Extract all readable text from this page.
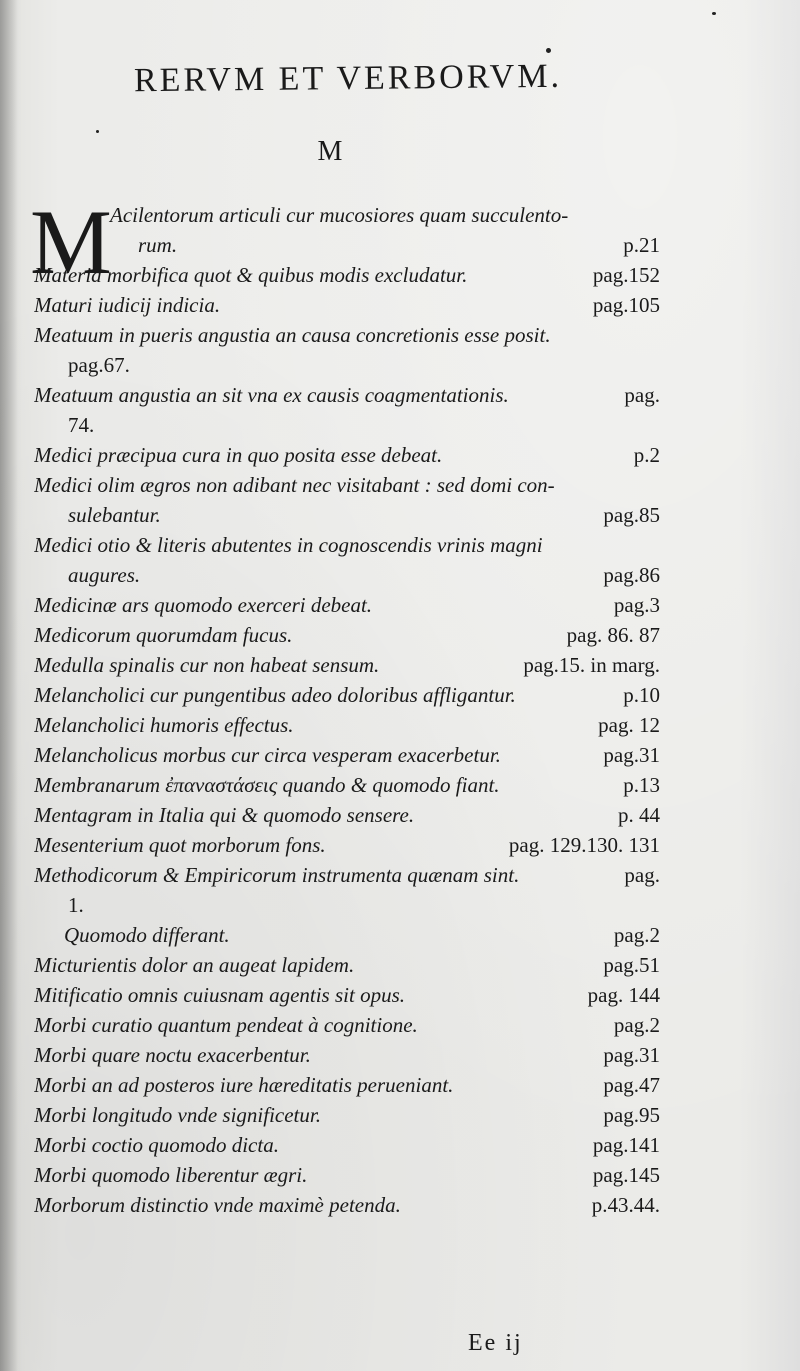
RERVM ET VERBORVM.
M
M
Acilentorum articuli cur mucosiores quam succulento-
rum.	p.21
Materia morbifica quot & quibus modis excludatur.	pag.152
Maturi iudicij indicia.	pag.105
Meatuum in pueris angustia an causa concretionis esse posit.
pag.67.
Meatuum angustia an sit vna ex causis coagmentationis.	pag.
74.
Medici præcipua cura in quo posita esse debeat.	p.2
Medici olim ægros non adibant nec visitabant : sed domi con-
sulebantur.	pag.85
Medici otio & literis abutentes in cognoscendis vrinis magni
augures.	pag.86
Medicinæ ars quomodo exerceri debeat.	pag.3
Medicorum quorumdam fucus.	pag. 86. 87
Medulla spinalis cur non habeat sensum.	pag.15. in marg.
Melancholici cur pungentibus adeo doloribus affligantur.	p.10
Melancholici humoris effectus.	pag. 12
Melancholicus morbus cur circa vesperam exacerbetur.	pag.31
Membranarum ἐπαναστάσεις quando & quomodo fiant.	p.13
Mentagram in Italia qui & quomodo sensere.	p. 44
Mesenterium quot morborum fons.	pag. 129.130. 131
Methodicorum & Empiricorum instrumenta quænam sint.	pag.
1.
Quomodo differant.	pag.2
Micturientis dolor an augeat lapidem.	pag.51
Mitificatio omnis cuiusnam agentis sit opus.	pag. 144
Morbi curatio quantum pendeat à cognitione.	pag.2
Morbi quare noctu exacerbentur.	pag.31
Morbi an ad posteros iure hæreditatis perueniant.	pag.47
Morbi longitudo vnde significetur.	pag.95
Morbi coctio quomodo dicta.	pag.141
Morbi quomodo liberentur ægri.	pag.145
Morborum distinctio vnde maximè petenda.	p.43.44.
Ee ij
